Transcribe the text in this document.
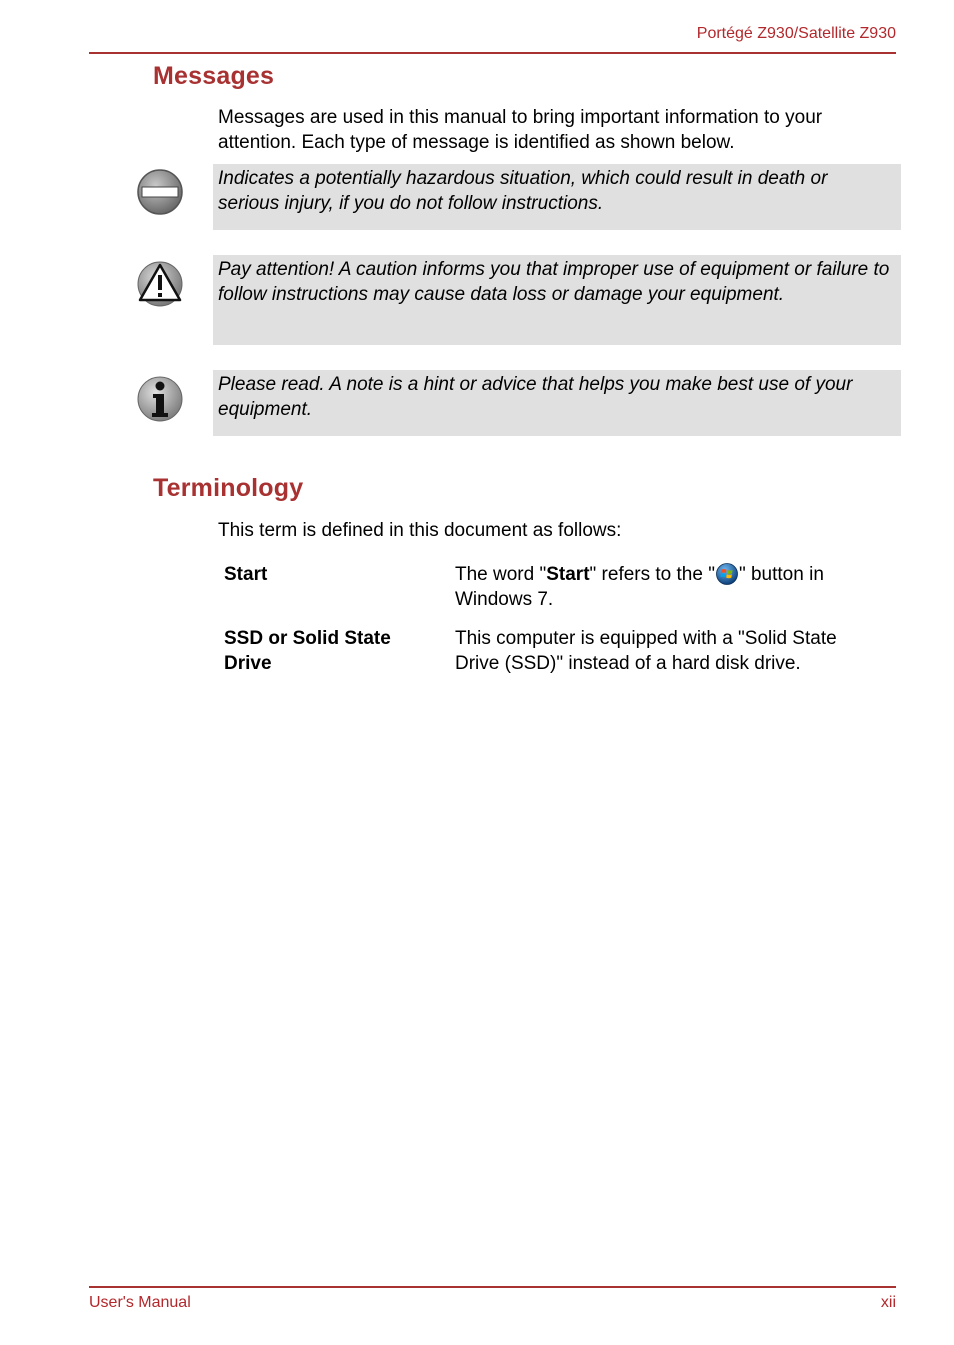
Portégé Z930/Satellite Z930
Messages
Messages are used in this manual to bring important information to your attention. Each type of message is identified as shown below.
Indicates a potentially hazardous situation, which could result in death or serious injury, if you do not follow instructions.
Pay attention! A caution informs you that improper use of equipment or failure to follow instructions may cause data loss or damage your equipment.
Please read. A note is a hint or advice that helps you make best use of your equipment.
Terminology
This term is defined in this document as follows:
Start	The word "Start" refers to the " " button in Windows 7.
SSD or Solid State Drive
This computer is equipped with a "Solid State Drive (SSD)" instead of a hard disk drive.
User's Manual	xii
